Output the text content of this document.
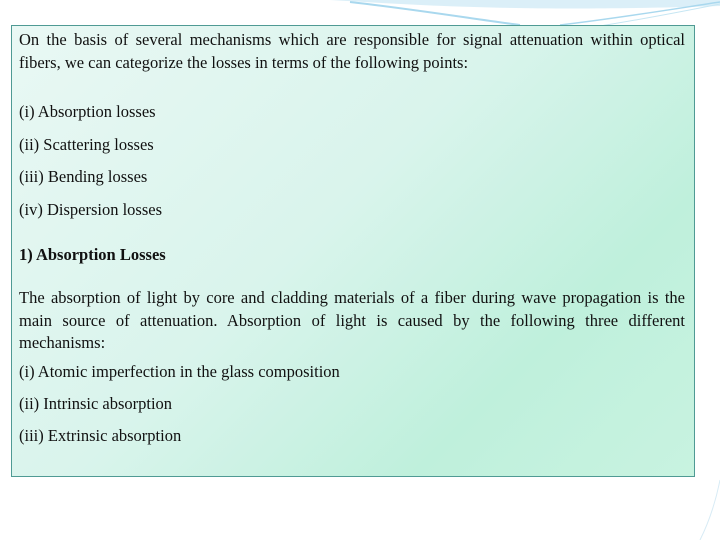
On the basis of several mechanisms which are responsible for signal attenuation within optical fibers, we can categorize the losses in terms of the following points:

(i) Absorption losses

(ii) Scattering losses

(iii) Bending losses

(iv) Dispersion losses

1) Absorption Losses

The absorption of light by core and cladding materials of a fiber during wave propagation is the main source of attenuation. Absorption of light is caused by the following three different mechanisms:

(i) Atomic imperfection in the glass composition

(ii) Intrinsic absorption

(iii) Extrinsic absorption
